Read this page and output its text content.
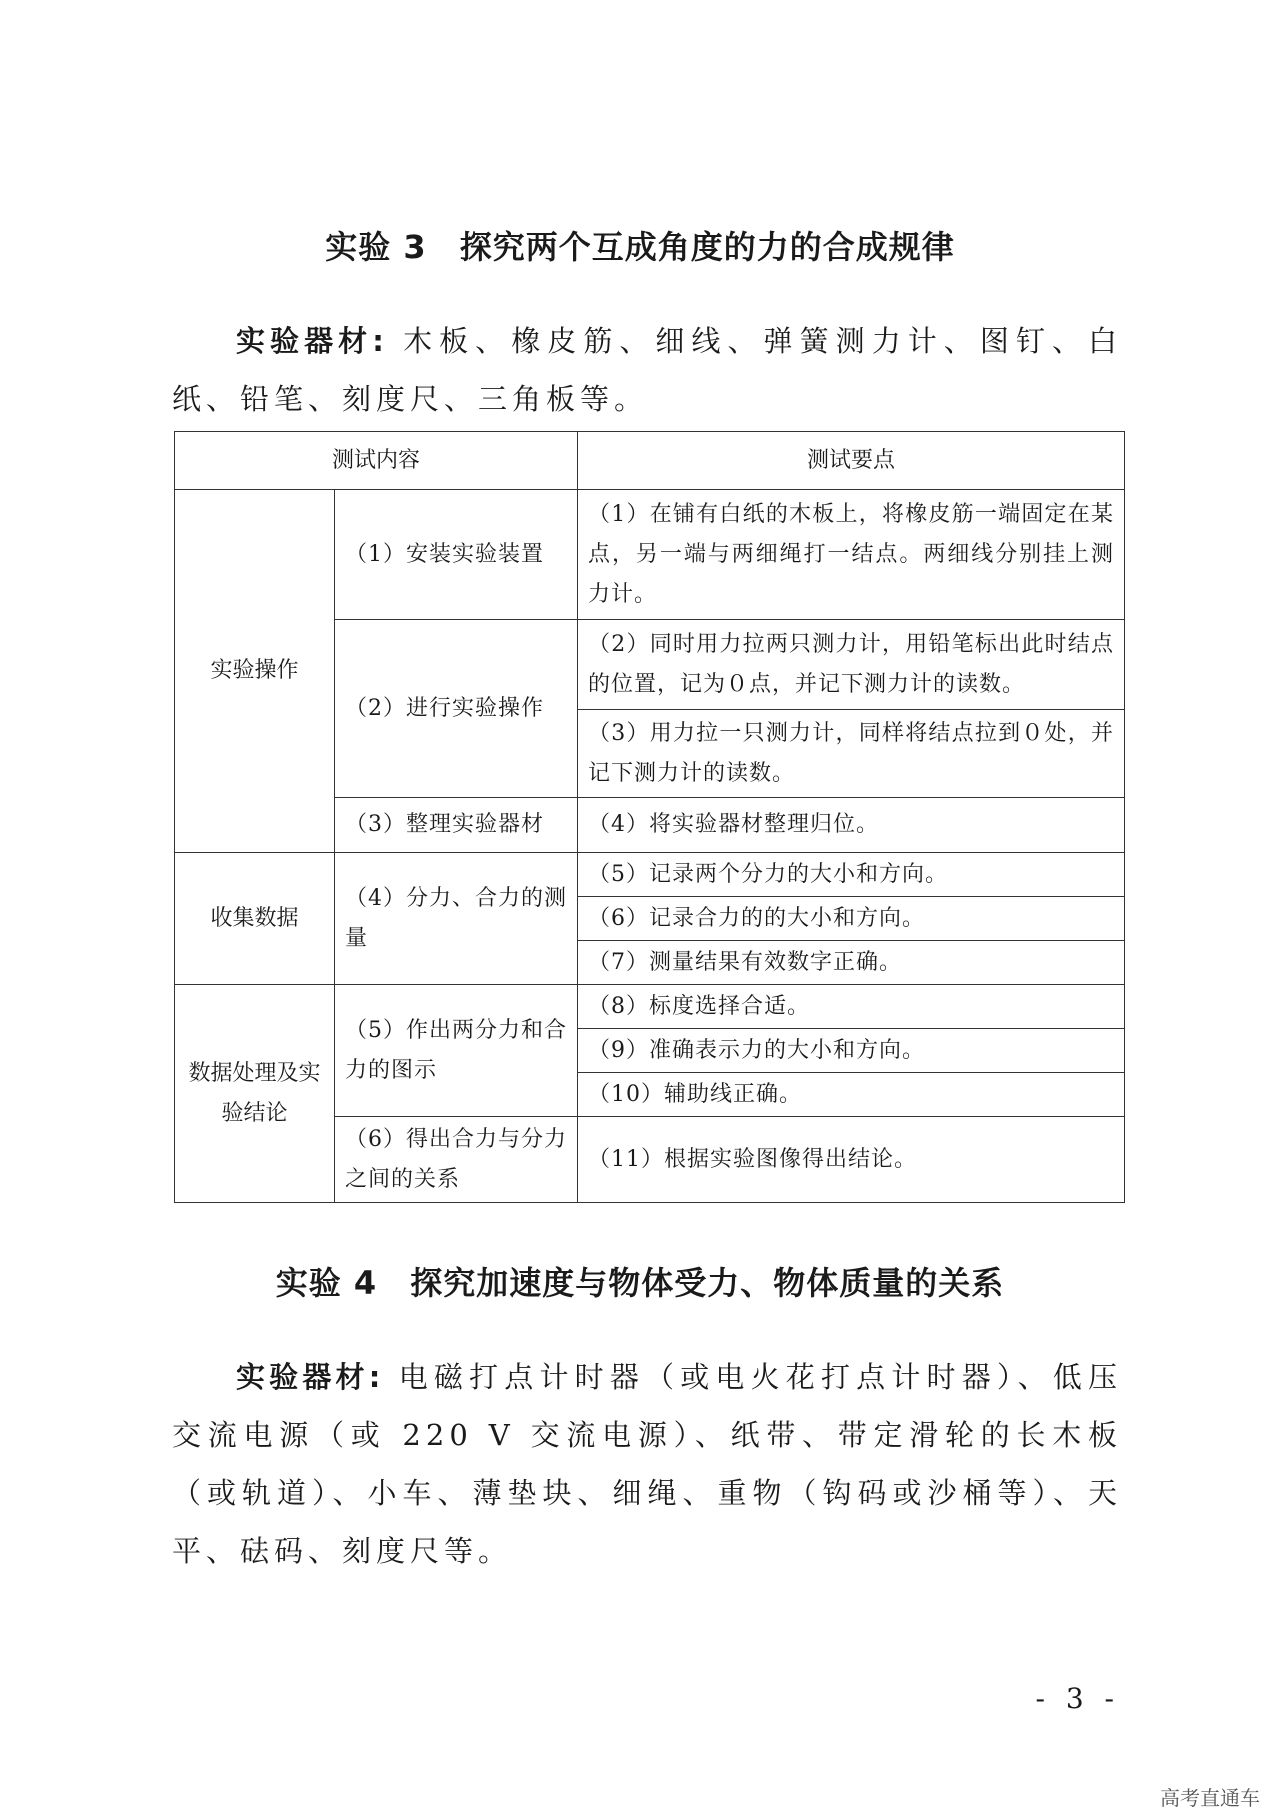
实验 3　探究两个互成角度的力的合成规律
实验器材: 木板、橡皮筋、细线、弹簧测力计、图钉、白纸、铅笔、刻度尺、三角板等。
测试内容		测试要点
实验操作	（1）安装实验装置	（1）在铺有白纸的木板上，将橡皮筋一端固定在某点，另一端与两细绳打一结点。两细线分别挂上测力计。
	（2）进行实验操作	（2）同时用力拉两只测力计，用铅笔标出此时结点的位置，记为０点，并记下测力计的读数。
		（3）用力拉一只测力计，同样将结点拉到０处，并记下测力计的读数。
	（3）整理实验器材	（4）将实验器材整理归位。
收集数据	（4）分力、合力的测量	（5）记录两个分力的大小和方向。
		（6）记录合力的的大小和方向。
		（7）测量结果有效数字正确。
数据处理及实验结论	（5）作出两分力和合力的图示	（8）标度选择合适。
		（9）准确表示力的大小和方向。
		（10）辅助线正确。
	（6）得出合力与分力之间的关系	（11）根据实验图像得出结论。
实验 4　探究加速度与物体受力、物体质量的关系
实验器材: 电磁打点计时器（或电火花打点计时器）、低压交流电源（或 220 V 交流电源）、纸带、带定滑轮的长木板（或轨道）、小车、薄垫块、细绳、重物（钩码或沙桶等）、天平、砝码、刻度尺等。
- 3 -
高考直通车
